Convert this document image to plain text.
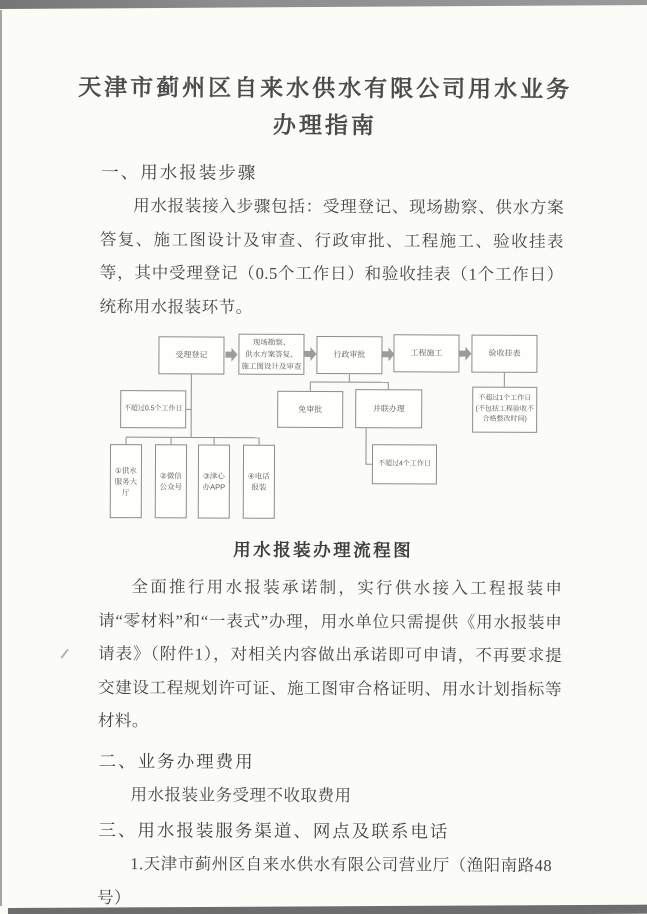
天津市蓟州区自来水供水有限公司用水业务
办理指南
一、用水报装步骤

用水报装接入步骤包括：受理登记、现场勘察、供水方案答复、施工图设计及审查、行政审批、工程施工、验收挂表等，其中受理登记（0.5个工作日）和验收挂表（1个工作日）统称用水报装环节。

受理登记
现场勘察、
供水方案答复、
施工图设计及审查
行政审批	工程施工	验收挂表
不超过0.5个工作日	免审批	并联办理
不超过1个工作日
(不包括工程验收不
合格整改时间)
不超过4个工作日
①供水服务大厅
②微信公众号
③津心办APP
④电话报装
用水报装办理流程图

全面推行用水报装承诺制，实行供水接入工程报装申请“零材料”和“一表式”办理，用水单位只需提供《用水报装申请表》（附件1），对相关内容做出承诺即可申请，不再要求提交建设工程规划许可证、施工图审合格证明、用水计划指标等材料。

二、业务办理费用

用水报装业务受理不收取费用

三、用水报装服务渠道、网点及联系电话

1.天津市蓟州区自来水供水有限公司营业厅（渔阳南路48号）
